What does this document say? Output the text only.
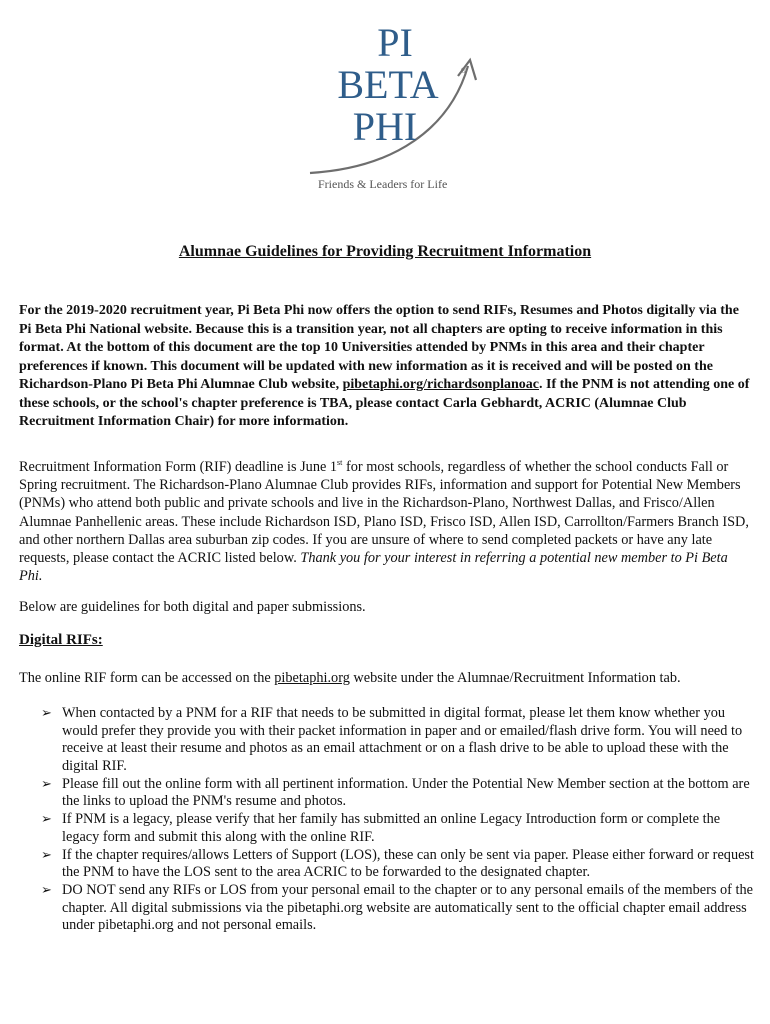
PI
BETA
PHI
®
Friends & Leaders for Life
Alumnae Guidelines for Providing Recruitment Information
For the 2019-2020 recruitment year, Pi Beta Phi now offers the option to send RIFs, Resumes and Photos digitally via the Pi Beta Phi National website. Because this is a transition year, not all chapters are opting to receive information in this format. At the bottom of this document are the top 10 Universities attended by PNMs in this area and their chapter preferences if known. This document will be updated with new information as it is received and will be posted on the Richardson-Plano Pi Beta Phi Alumnae Club website, pibetaphi.org/richardsonplanoac. If the PNM is not attending one of these schools, or the school's chapter preference is TBA, please contact Carla Gebhardt, ACRIC (Alumnae Club Recruitment Information Chair) for more information.
Recruitment Information Form (RIF) deadline is June 1st for most schools, regardless of whether the school conducts Fall or Spring recruitment. The Richardson-Plano Alumnae Club provides RIFs, information and support for Potential New Members (PNMs) who attend both public and private schools and live in the Richardson-Plano, Northwest Dallas, and Frisco/Allen Alumnae Panhellenic areas. These include Richardson ISD, Plano ISD, Frisco ISD, Allen ISD, Carrollton/Farmers Branch ISD, and other northern Dallas area suburban zip codes. If you are unsure of where to send completed packets or have any late requests, please contact the ACRIC listed below. Thank you for your interest in referring a potential new member to Pi Beta Phi.
Below are guidelines for both digital and paper submissions.
Digital RIFs:
The online RIF form can be accessed on the pibetaphi.org website under the Alumnae/Recruitment Information tab.
➢ When contacted by a PNM for a RIF that needs to be submitted in digital format, please let them know whether you would prefer they provide you with their packet information in paper and or emailed/flash drive form. You will need to receive at least their resume and photos as an email attachment or on a flash drive to be able to upload these with the digital RIF.
➢ Please fill out the online form with all pertinent information. Under the Potential New Member section at the bottom are the links to upload the PNM's resume and photos.
➢ If PNM is a legacy, please verify that her family has submitted an online Legacy Introduction form or complete the legacy form and submit this along with the online RIF.
➢ If the chapter requires/allows Letters of Support (LOS), these can only be sent via paper. Please either forward or request the PNM to have the LOS sent to the area ACRIC to be forwarded to the designated chapter.
➢ DO NOT send any RIFs or LOS from your personal email to the chapter or to any personal emails of the members of the chapter. All digital submissions via the pibetaphi.org website are automatically sent to the official chapter email address under pibetaphi.org and not personal emails.
